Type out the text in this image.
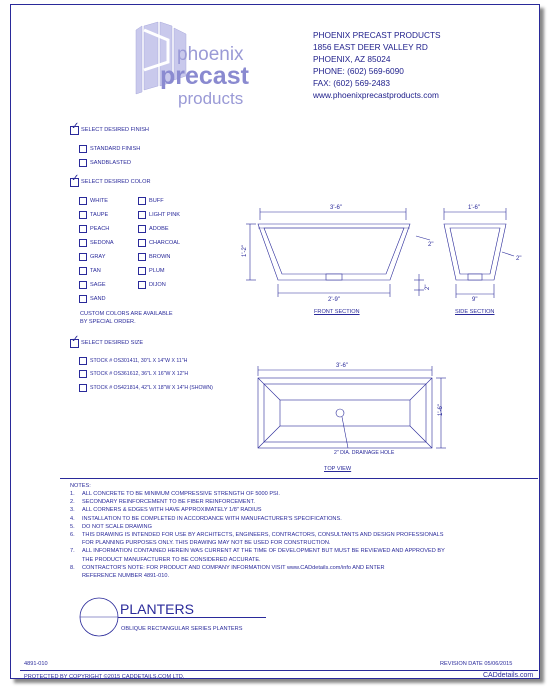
phoenix
precast
products
PHOENIX PRECAST PRODUCTS
1856 EAST DEER VALLEY RD
PHOENIX, AZ 85024
PHONE: (602) 569-6090
FAX: (602) 569-2483
www.phoenixprecastproducts.com
✓ SELECT DESIRED FINISH
STANDARD FINISH
SANDBLASTED
✓ SELECT DESIRED COLOR
WHITE
TAUPE
PEACH
SEDONA
GRAY
TAN
SAGE
SAND
BUFF
LIGHT PINK
ADOBE
CHARCOAL
BROWN
PLUM
DIJON
CUSTOM COLORS ARE AVAILABLE
BY SPECIAL ORDER.
✓ SELECT DESIRED SIZE
STOCK # OS301411, 30"L X 14"W X 11"H
STOCK # OS361612, 36"L X 16"W X 12"H
STOCK # OS421814, 42"L X 18"W X 14"H (SHOWN)
3'-6"
1'-2"
2"
2"
2'-9"
FRONT SECTION
1'-6"
2"
9"
SIDE SECTION
3'-6"
1'-6"
2" DIA. DRAINAGE HOLE
TOP VIEW
NOTES:
1. ALL CONCRETE TO BE MINIMUM COMPRESSIVE STRENGTH OF 5000 PSI.
2. SECONDARY REINFORCEMENT TO BE FIBER REINFORCEMENT.
3. ALL CORNERS & EDGES WITH HAVE APPROXIMATELY 1/8" RADIUS
4. INSTALLATION TO BE COMPLETED IN ACCORDANCE WITH MANUFACTURER'S SPECIFICATIONS.
5. DO NOT SCALE DRAWING
6. THIS DRAWING IS INTENDED FOR USE BY ARCHITECTS, ENGINEERS, CONTRACTORS, CONSULTANTS AND DESIGN PROFESSIONALS
FOR PLANNING PURPOSES ONLY. THIS DRAWING MAY NOT BE USED FOR CONSTRUCTION.
7. ALL INFORMATION CONTAINED HEREIN WAS CURRENT AT THE TIME OF DEVELOPMENT BUT MUST BE REVIEWED AND APPROVED BY
THE PRODUCT MANUFACTURER TO BE CONSIDERED ACCURATE.
8. CONTRACTOR'S NOTE: FOR PRODUCT AND COMPANY INFORMATION VISIT www.CADdetails.com/info AND ENTER
REFERENCE NUMBER 4891-010.
PLANTERS
OBLIQUE RECTANGULAR SERIES PLANTERS
4891-010	REVISION DATE 05/06/2015
PROTECTED BY COPYRIGHT ©2015 CADDETAILS.COM LTD.	CADdetails.com
